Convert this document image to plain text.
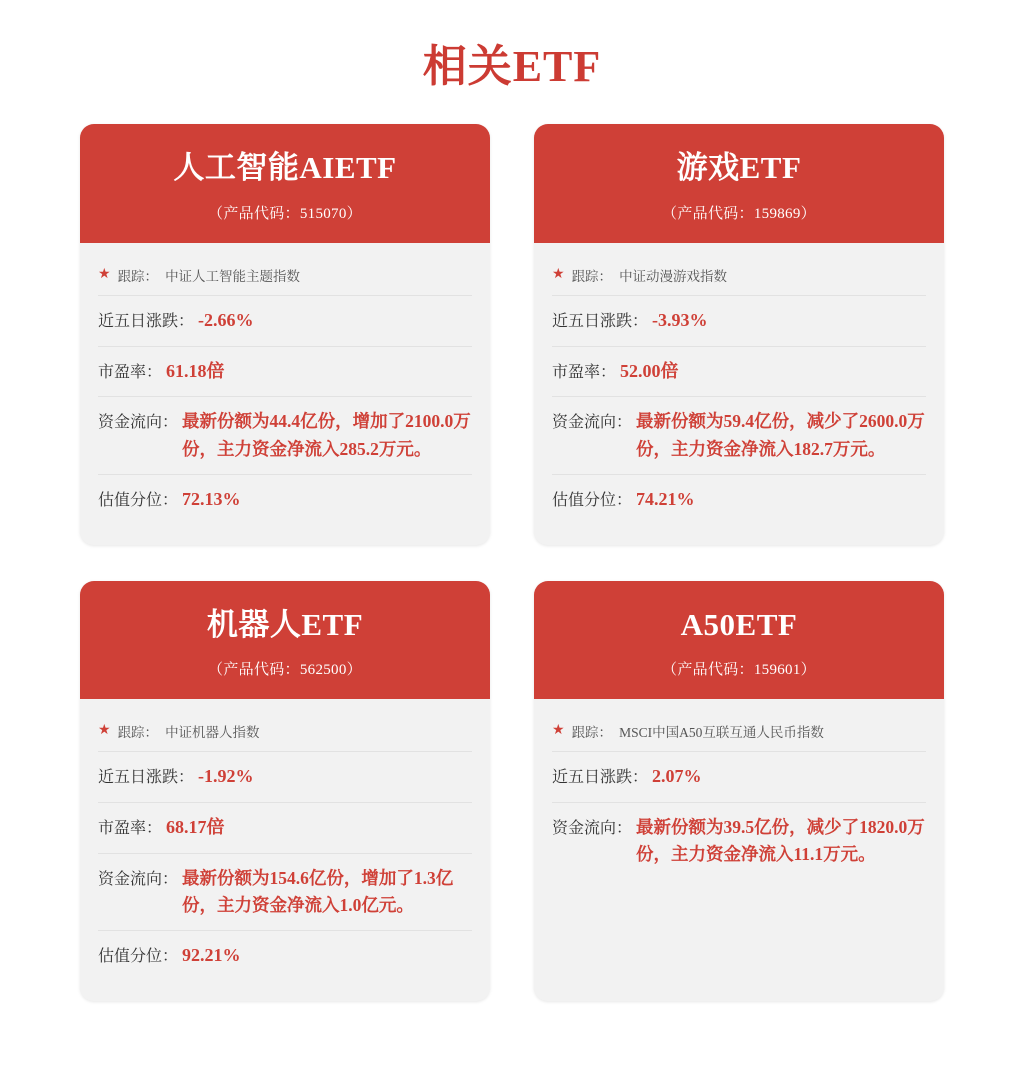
相关ETF
人工智能AIETF
（产品代码：515070）
★ 跟踪： 中证人工智能主题指数
近五日涨跌： -2.66%
市盈率： 61.18倍
资金流向： 最新份额为44.4亿份，增加了2100.0万份，主力资金净流入285.2万元。
估值分位： 72.13%
游戏ETF
（产品代码：159869）
★ 跟踪： 中证动漫游戏指数
近五日涨跌： -3.93%
市盈率： 52.00倍
资金流向： 最新份额为59.4亿份，减少了2600.0万份，主力资金净流入182.7万元。
估值分位： 74.21%
机器人ETF
（产品代码：562500）
★ 跟踪： 中证机器人指数
近五日涨跌： -1.92%
市盈率： 68.17倍
资金流向： 最新份额为154.6亿份，增加了1.3亿份，主力资金净流入1.0亿元。
估值分位： 92.21%
A50ETF
（产品代码：159601）
★ 跟踪： MSCI中国A50互联互通人民币指数
近五日涨跌： 2.07%
资金流向： 最新份额为39.5亿份，减少了1820.0万份，主力资金净流入11.1万元。
